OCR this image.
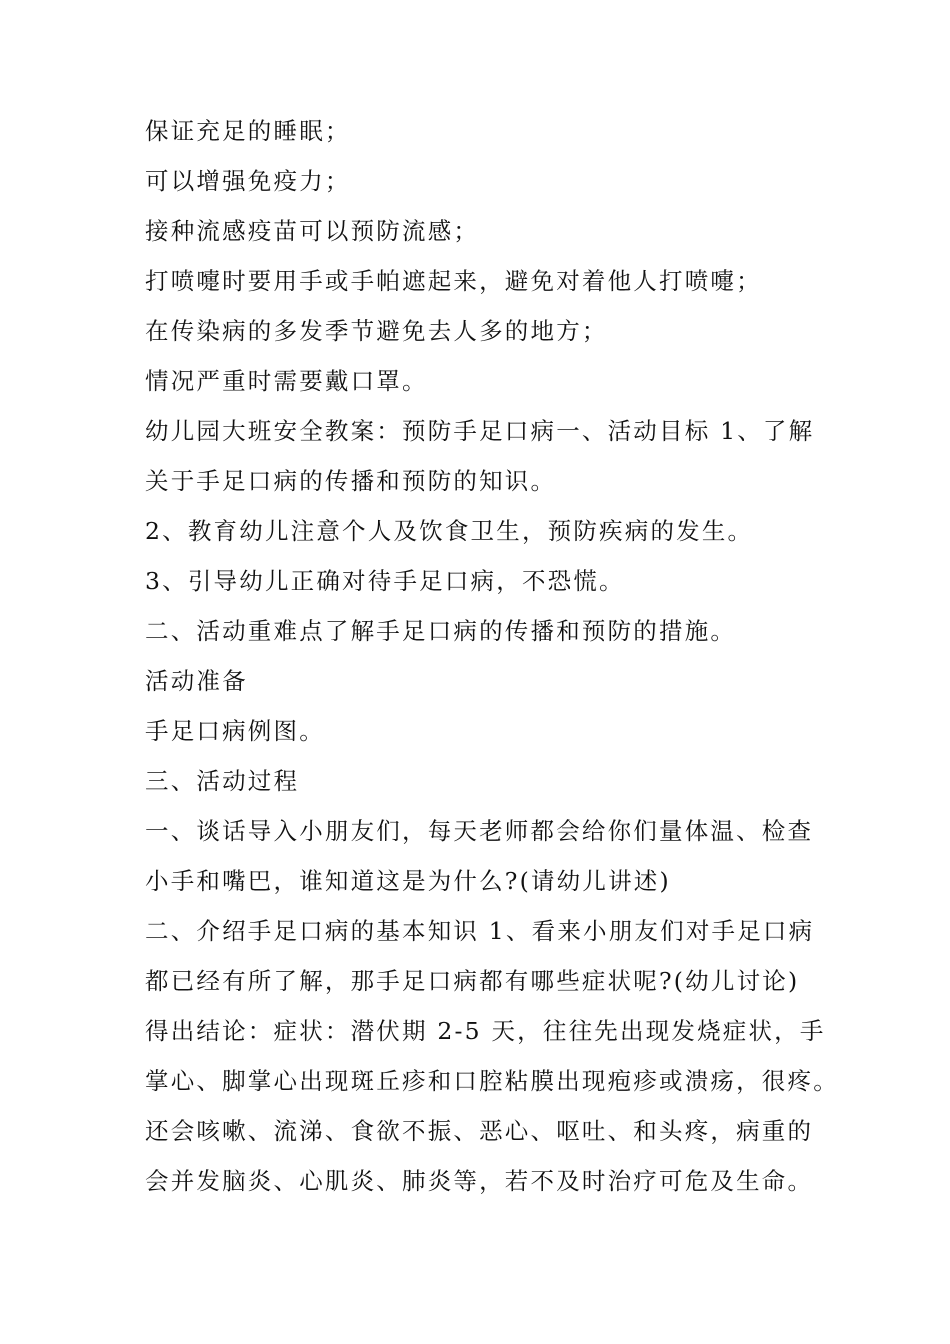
保证充足的睡眠；
可以增强免疫力；
接种流感疫苗可以预防流感；
打喷嚏时要用手或手帕遮起来，避免对着他人打喷嚏；
在传染病的多发季节避免去人多的地方；
情况严重时需要戴口罩。
幼儿园大班安全教案：预防手足口病一、活动目标 1、了解
关于手足口病的传播和预防的知识。
2、教育幼儿注意个人及饮食卫生，预防疾病的发生。
3、引导幼儿正确对待手足口病，不恐慌。
二、活动重难点了解手足口病的传播和预防的措施。
活动准备
手足口病例图。
三、活动过程
一、谈话导入小朋友们，每天老师都会给你们量体温、检查
小手和嘴巴，谁知道这是为什么?(请幼儿讲述)
二、介绍手足口病的基本知识 1、看来小朋友们对手足口病
都已经有所了解，那手足口病都有哪些症状呢?(幼儿讨论)
得出结论：症状：潜伏期 2-5 天，往往先出现发烧症状，手
掌心、脚掌心出现斑丘疹和口腔粘膜出现疱疹或溃疡，很疼。
还会咳嗽、流涕、食欲不振、恶心、呕吐、和头疼，病重的
会并发脑炎、心肌炎、肺炎等，若不及时治疗可危及生命。
